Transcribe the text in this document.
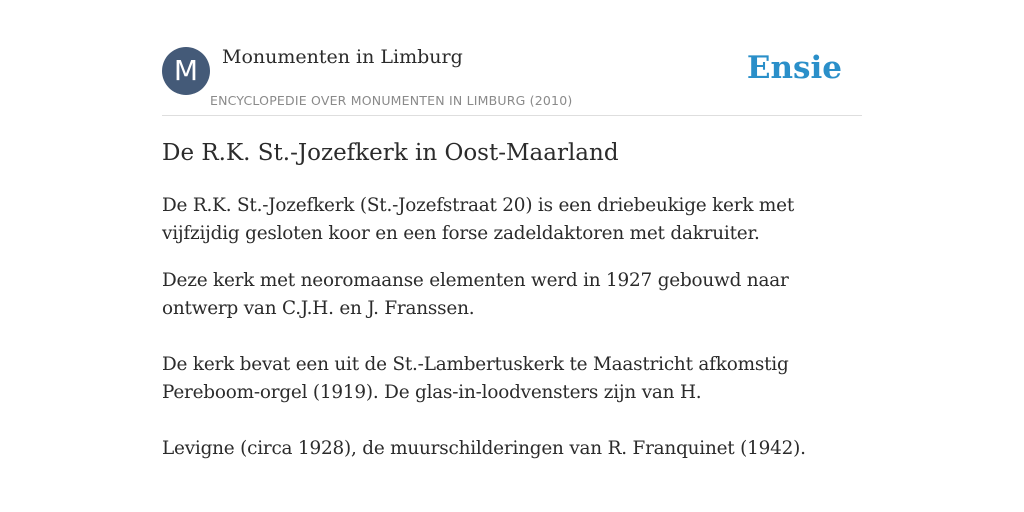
M	Monumenten in Limburg
ENCYCLOPEDIE OVER MONUMENTEN IN LIMBURG (2010)
Ensie
De R.K. St.-Jozefkerk in Oost-Maarland

De R.K. St.-Jozefkerk (St.-Jozefstraat 20) is een driebeukige kerk met vijfzijdig gesloten koor en een forse zadeldaktoren met dakruiter.

Deze kerk met neoromaanse elementen werd in 1927 gebouwd naar ontwerp van C.J.H. en J. Franssen.

De kerk bevat een uit de St.-Lambertuskerk te Maastricht afkomstig Pereboom-orgel (1919). De glas-in-loodvensters zijn van H.

Levigne (circa 1928), de muurschilderingen van R. Franquinet (1942).
